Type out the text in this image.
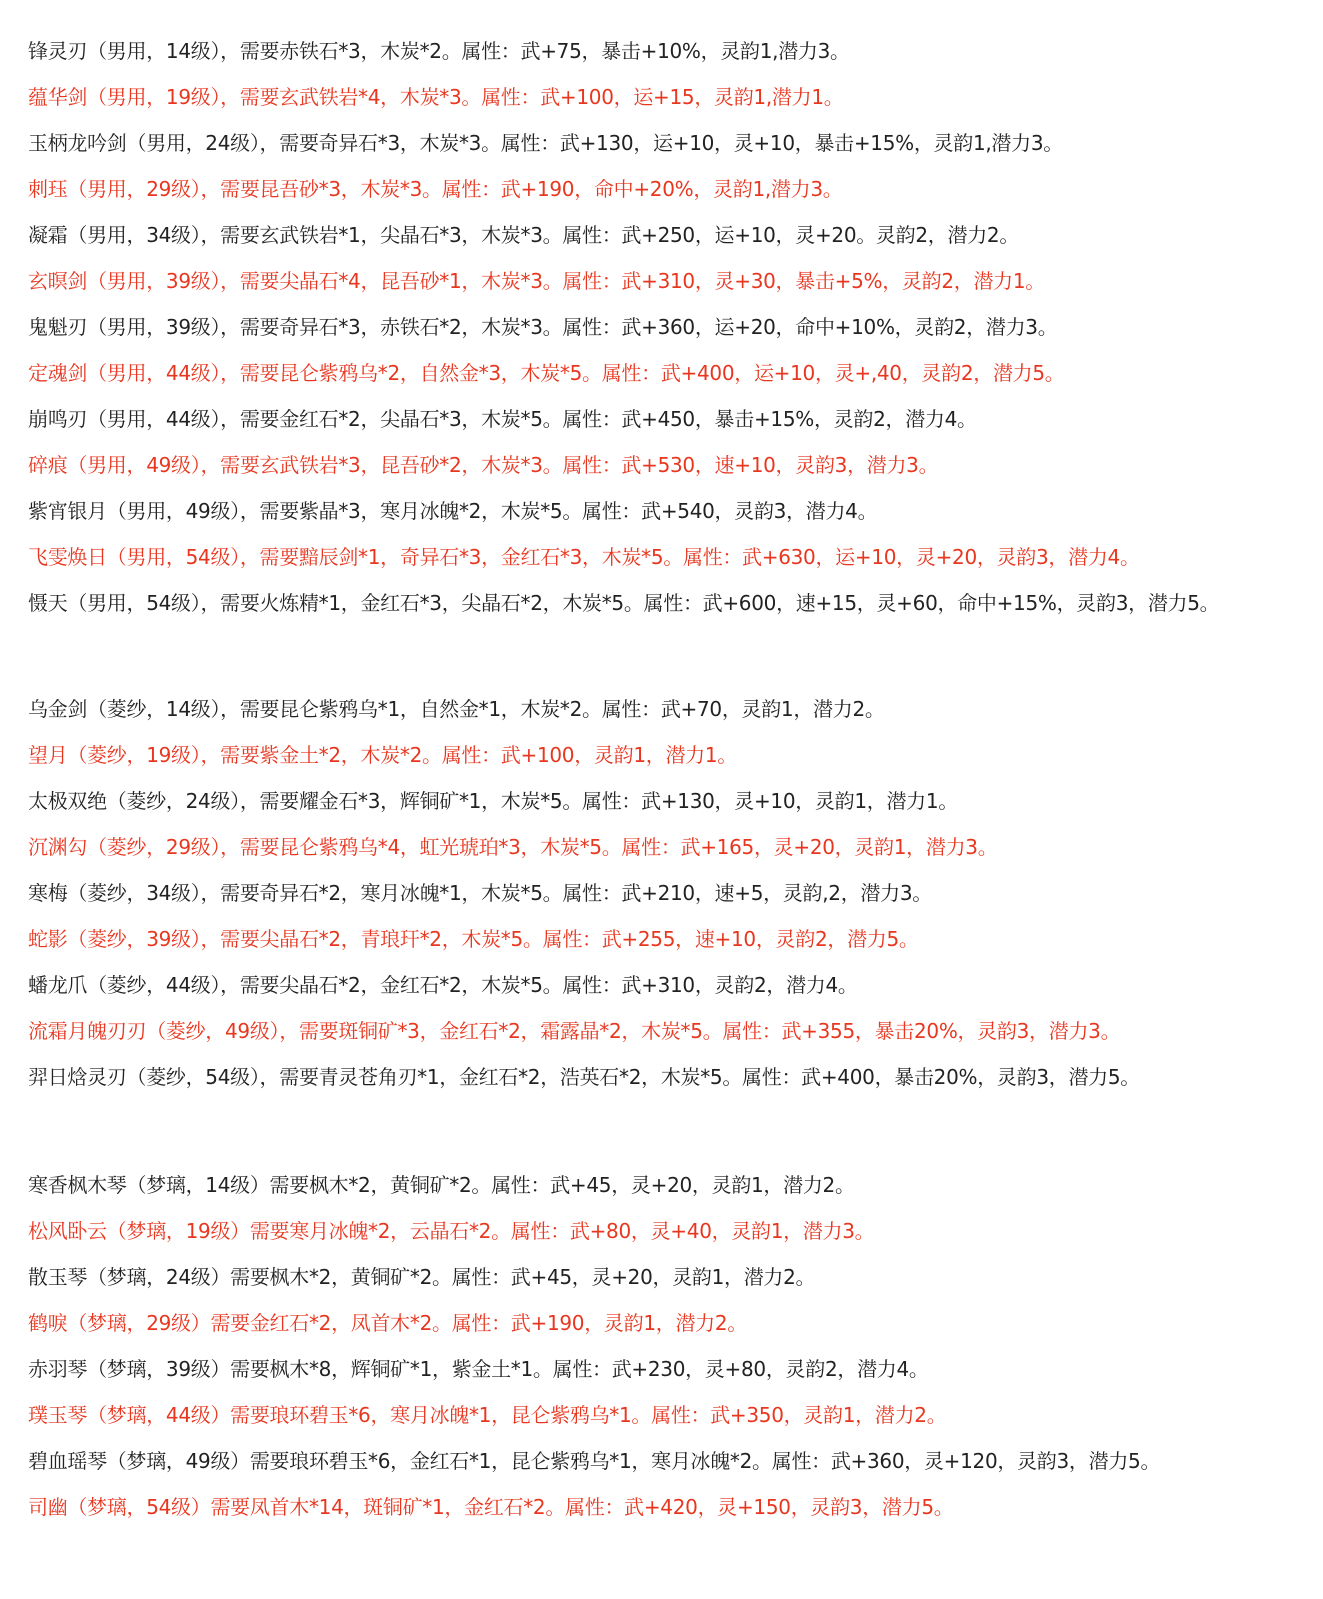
锋灵刃（男用，14级），需要赤铁石*3，木炭*2。属性：武+75，暴击+10%，灵韵1,潜力3。
蕴华剑（男用，19级），需要玄武铁岩*4，木炭*3。属性：武+100，运+15，灵韵1,潜力1。
玉柄龙吟剑（男用，24级），需要奇异石*3，木炭*3。属性：武+130，运+10，灵+10，暴击+15%，灵韵1,潜力3。
刺珏（男用，29级），需要昆吾砂*3，木炭*3。属性：武+190，命中+20%，灵韵1,潜力3。
凝霜（男用，34级），需要玄武铁岩*1，尖晶石*3，木炭*3。属性：武+250，运+10，灵+20。灵韵2，潜力2。
玄暝剑（男用，39级），需要尖晶石*4，昆吾砂*1，木炭*3。属性：武+310，灵+30，暴击+5%，灵韵2，潜力1。
鬼魁刃（男用，39级），需要奇异石*3，赤铁石*2，木炭*3。属性：武+360，运+20，命中+10%，灵韵2，潜力3。
定魂剑（男用，44级），需要昆仑紫鸦乌*2，自然金*3，木炭*5。属性：武+400，运+10，灵+,40，灵韵2，潜力5。
崩鸣刃（男用，44级），需要金红石*2，尖晶石*3，木炭*5。属性：武+450，暴击+15%，灵韵2，潜力4。
碎痕（男用，49级），需要玄武铁岩*3，昆吾砂*2，木炭*3。属性：武+530，速+10，灵韵3，潜力3。
紫宵银月（男用，49级），需要紫晶*3，寒月冰魄*2，木炭*5。属性：武+540，灵韵3，潜力4。
飞雯焕日（男用，54级），需要黯辰剑*1，奇异石*3，金红石*3，木炭*5。属性：武+630，运+10，灵+20，灵韵3，潜力4。
慑天（男用，54级），需要火炼精*1，金红石*3，尖晶石*2，木炭*5。属性：武+600，速+15，灵+60，命中+15%，灵韵3，潜力5。
乌金剑（菱纱，14级），需要昆仑紫鸦乌*1，自然金*1，木炭*2。属性：武+70，灵韵1，潜力2。
望月（菱纱，19级），需要紫金土*2，木炭*2。属性：武+100，灵韵1，潜力1。
太极双绝（菱纱，24级），需要耀金石*3，辉铜矿*1，木炭*5。属性：武+130，灵+10，灵韵1，潜力1。
沉渊勾（菱纱，29级），需要昆仑紫鸦乌*4，虹光琥珀*3，木炭*5。属性：武+165，灵+20，灵韵1，潜力3。
寒梅（菱纱，34级），需要奇异石*2，寒月冰魄*1，木炭*5。属性：武+210，速+5，灵韵,2，潜力3。
蛇影（菱纱，39级），需要尖晶石*2，青琅玕*2，木炭*5。属性：武+255，速+10，灵韵2，潜力5。
蟠龙爪（菱纱，44级），需要尖晶石*2，金红石*2，木炭*5。属性：武+310，灵韵2，潜力4。
流霜月魄刃刃（菱纱，49级），需要斑铜矿*3，金红石*2，霜露晶*2，木炭*5。属性：武+355，暴击20%，灵韵3，潜力3。
羿日焓灵刃（菱纱，54级），需要青灵苍角刃*1，金红石*2，浩英石*2，木炭*5。属性：武+400，暴击20%，灵韵3，潜力5。
寒香枫木琴（梦璃，14级）需要枫木*2，黄铜矿*2。属性：武+45，灵+20，灵韵1，潜力2。
松风卧云（梦璃，19级）需要寒月冰魄*2，云晶石*2。属性：武+80，灵+40，灵韵1，潜力3。
散玉琴（梦璃，24级）需要枫木*2，黄铜矿*2。属性：武+45，灵+20，灵韵1，潜力2。
鹤唳（梦璃，29级）需要金红石*2，凤首木*2。属性：武+190，灵韵1，潜力2。
赤羽琴（梦璃，39级）需要枫木*8，辉铜矿*1，紫金土*1。属性：武+230，灵+80，灵韵2，潜力4。
璞玉琴（梦璃，44级）需要琅环碧玉*6，寒月冰魄*1，昆仑紫鸦乌*1。属性：武+350，灵韵1，潜力2。
碧血瑶琴（梦璃，49级）需要琅环碧玉*6，金红石*1，昆仑紫鸦乌*1，寒月冰魄*2。属性：武+360，灵+120，灵韵3，潜力5。
司幽（梦璃，54级）需要凤首木*14，斑铜矿*1，金红石*2。属性：武+420，灵+150，灵韵3，潜力5。
